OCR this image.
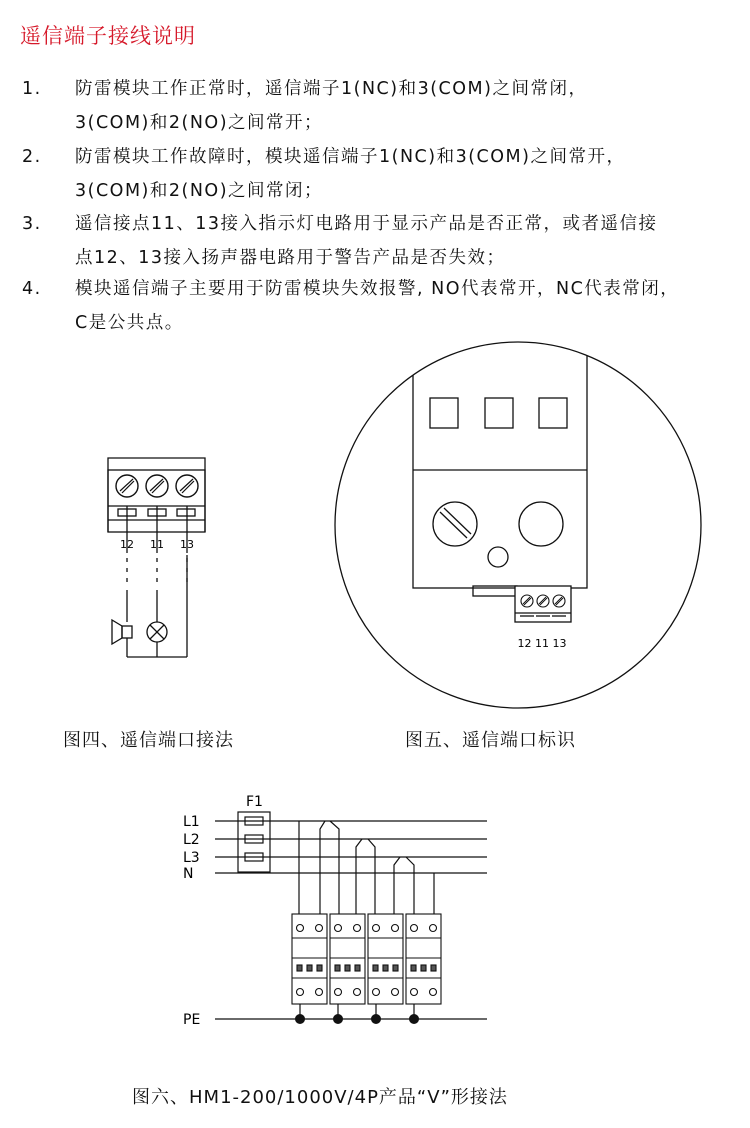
遥信端子接线说明
1. 防雷模块工作正常时，遥信端子1(NC)和3(COM)之间常闭，
3(COM)和2(NO)之间常开；
2. 防雷模块工作故障时，模块遥信端子1(NC)和3(COM)之间常开，
3(COM)和2(NO)之间常闭；
3. 遥信接点11、13接入指示灯电路用于显示产品是否正常，或者遥信接
点12、13接入扬声器电路用于警告产品是否失效；
4. 模块遥信端子主要用于防雷模块失效报警, NO代表常开，NC代表常闭，
C是公共点。
12 11 13
12 11 13
F1
L1
L2
L3
N
PE
图四、遥信端口接法	图五、遥信端口标识
图六、HM1-200/1000V/4P产品“V”形接法
